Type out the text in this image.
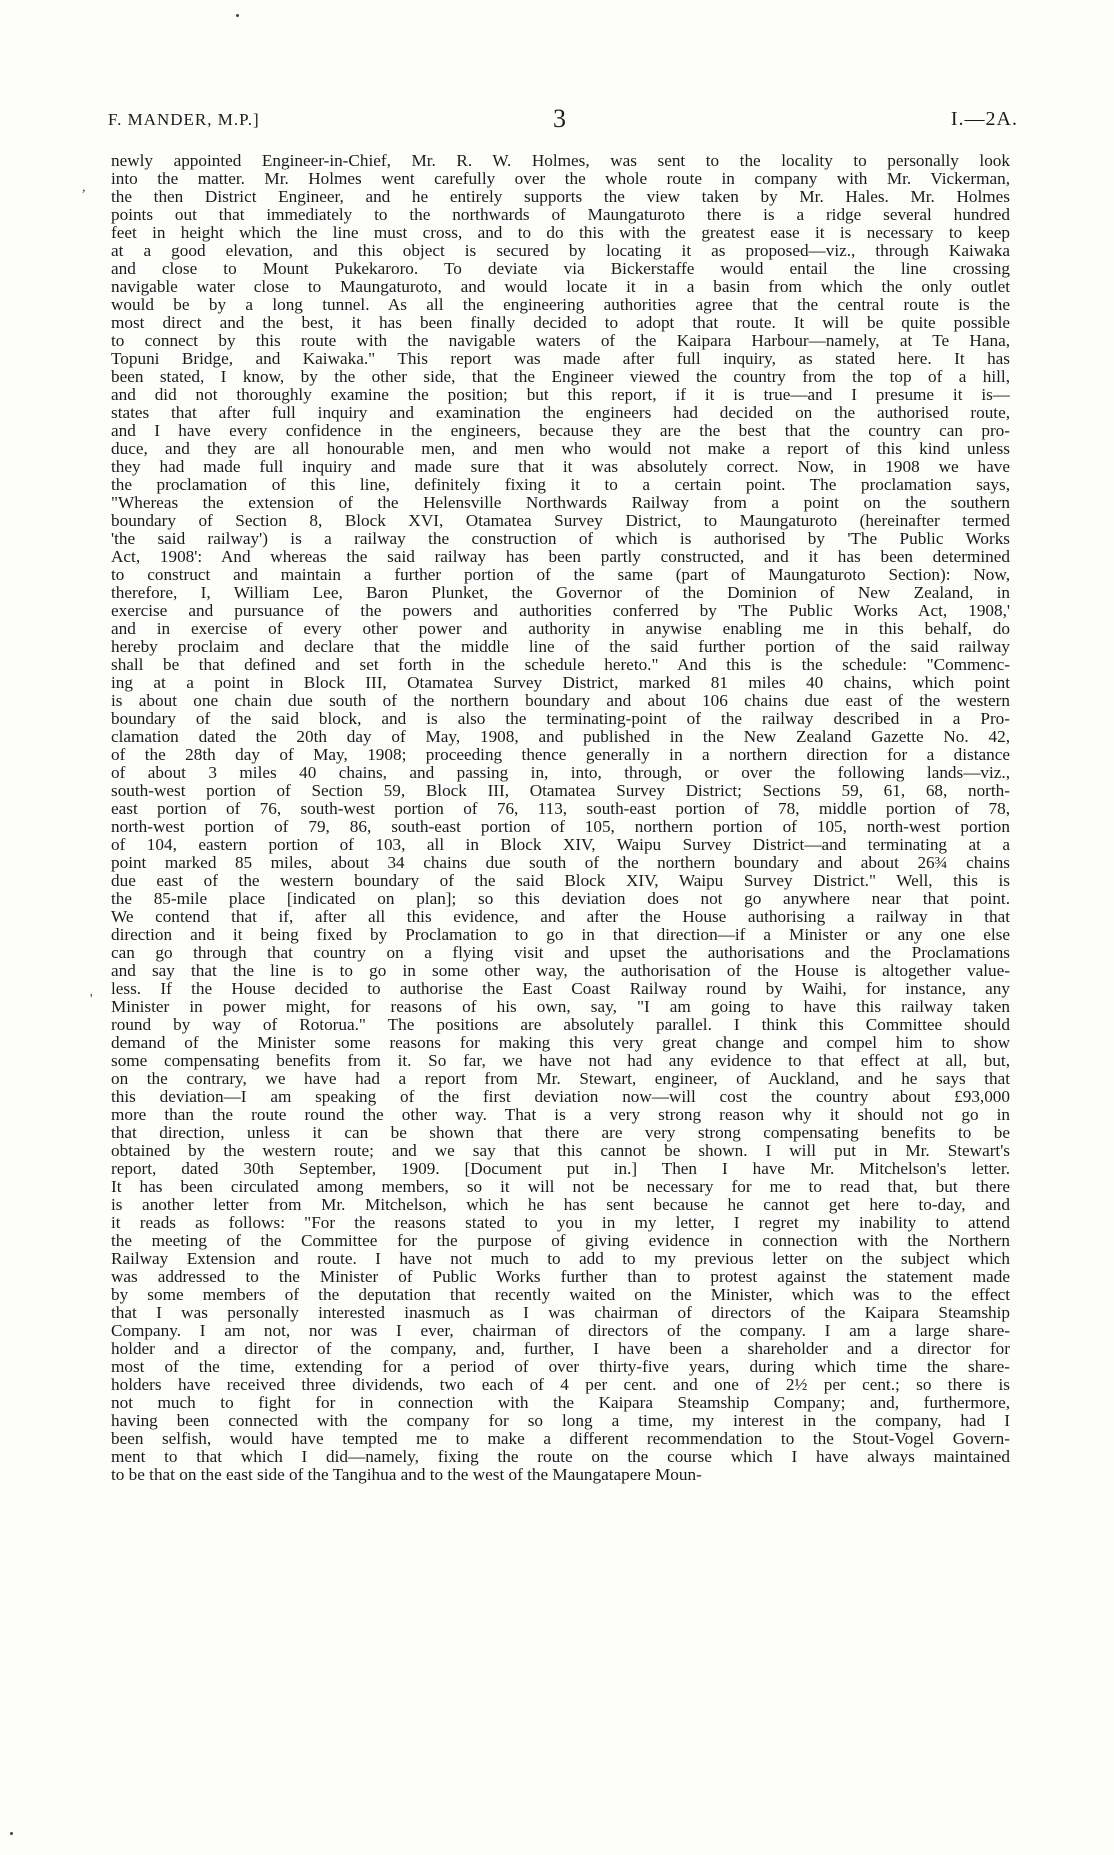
F. MANDER, M.P.]	3	I.—2A.
,
'
newly appointed Engineer-in-Chief, Mr. R. W. Holmes, was sent to the locality to personally look
into the matter. Mr. Holmes went carefully over the whole route in company with Mr. Vickerman,
the then District Engineer, and he entirely supports the view taken by Mr. Hales. Mr. Holmes
points out that immediately to the northwards of Maungaturoto there is a ridge several hundred
feet in height which the line must cross, and to do this with the greatest ease it is necessary to keep
at a good elevation, and this object is secured by locating it as proposed—viz., through Kaiwaka
and close to Mount Pukekaroro. To deviate via Bickerstaffe would entail the line crossing
navigable water close to Maungaturoto, and would locate it in a basin from which the only outlet
would be by a long tunnel. As all the engineering authorities agree that the central route is the
most direct and the best, it has been finally decided to adopt that route. It will be quite possible
to connect by this route with the navigable waters of the Kaipara Harbour—namely, at Te Hana,
Topuni Bridge, and Kaiwaka." This report was made after full inquiry, as stated here. It has
been stated, I know, by the other side, that the Engineer viewed the country from the top of a hill,
and did not thoroughly examine the position; but this report, if it is true—and I presume it is—
states that after full inquiry and examination the engineers had decided on the authorised route,
and I have every confidence in the engineers, because they are the best that the country can pro-
duce, and they are all honourable men, and men who would not make a report of this kind unless
they had made full inquiry and made sure that it was absolutely correct. Now, in 1908 we have
the proclamation of this line, definitely fixing it to a certain point. The proclamation says,
"Whereas the extension of the Helensville Northwards Railway from a point on the southern
boundary of Section 8, Block XVI, Otamatea Survey District, to Maungaturoto (hereinafter termed
'the said railway') is a railway the construction of which is authorised by 'The Public Works
Act, 1908': And whereas the said railway has been partly constructed, and it has been determined
to construct and maintain a further portion of the same (part of Maungaturoto Section): Now,
therefore, I, William Lee, Baron Plunket, the Governor of the Dominion of New Zealand, in
exercise and pursuance of the powers and authorities conferred by 'The Public Works Act, 1908,'
and in exercise of every other power and authority in anywise enabling me in this behalf, do
hereby proclaim and declare that the middle line of the said further portion of the said railway
shall be that defined and set forth in the schedule hereto." And this is the schedule: "Commenc-
ing at a point in Block III, Otamatea Survey District, marked 81 miles 40 chains, which point
is about one chain due south of the northern boundary and about 106 chains due east of the western
boundary of the said block, and is also the terminating-point of the railway described in a Pro-
clamation dated the 20th day of May, 1908, and published in the New Zealand Gazette No. 42,
of the 28th day of May, 1908; proceeding thence generally in a northern direction for a distance
of about 3 miles 40 chains, and passing in, into, through, or over the following lands—viz.,
south-west portion of Section 59, Block III, Otamatea Survey District; Sections 59, 61, 68, north-
east portion of 76, south-west portion of 76, 113, south-east portion of 78, middle portion of 78,
north-west portion of 79, 86, south-east portion of 105, northern portion of 105, north-west portion
of 104, eastern portion of 103, all in Block XIV, Waipu Survey District—and terminating at a
point marked 85 miles, about 34 chains due south of the northern boundary and about 26¾ chains
due east of the western boundary of the said Block XIV, Waipu Survey District." Well, this is
the 85-mile place [indicated on plan]; so this deviation does not go anywhere near that point.
We contend that if, after all this evidence, and after the House authorising a railway in that
direction and it being fixed by Proclamation to go in that direction—if a Minister or any one else
can go through that country on a flying visit and upset the authorisations and the Proclamations
and say that the line is to go in some other way, the authorisation of the House is altogether value-
less. If the House decided to authorise the East Coast Railway round by Waihi, for instance, any
Minister in power might, for reasons of his own, say, "I am going to have this railway taken
round by way of Rotorua." The positions are absolutely parallel. I think this Committee should
demand of the Minister some reasons for making this very great change and compel him to show
some compensating benefits from it. So far, we have not had any evidence to that effect at all, but,
on the contrary, we have had a report from Mr. Stewart, engineer, of Auckland, and he says that
this deviation—I am speaking of the first deviation now—will cost the country about £93,000
more than the route round the other way. That is a very strong reason why it should not go in
that direction, unless it can be shown that there are very strong compensating benefits to be
obtained by the western route; and we say that this cannot be shown. I will put in Mr. Stewart's
report, dated 30th September, 1909. [Document put in.] Then I have Mr. Mitchelson's letter.
It has been circulated among members, so it will not be necessary for me to read that, but there
is another letter from Mr. Mitchelson, which he has sent because he cannot get here to-day, and
it reads as follows: "For the reasons stated to you in my letter, I regret my inability to attend
the meeting of the Committee for the purpose of giving evidence in connection with the Northern
Railway Extension and route. I have not much to add to my previous letter on the subject which
was addressed to the Minister of Public Works further than to protest against the statement made
by some members of the deputation that recently waited on the Minister, which was to the effect
that I was personally interested inasmuch as I was chairman of directors of the Kaipara Steamship
Company. I am not, nor was I ever, chairman of directors of the company. I am a large share-
holder and a director of the company, and, further, I have been a shareholder and a director for
most of the time, extending for a period of over thirty-five years, during which time the share-
holders have received three dividends, two each of 4 per cent. and one of 2½ per cent.; so there is
not much to fight for in connection with the Kaipara Steamship Company; and, furthermore,
having been connected with the company for so long a time, my interest in the company, had I
been selfish, would have tempted me to make a different recommendation to the Stout-Vogel Govern-
ment to that which I did—namely, fixing the route on the course which I have always maintained
to be that on the east side of the Tangihua and to the west of the Maungatapere Moun-
